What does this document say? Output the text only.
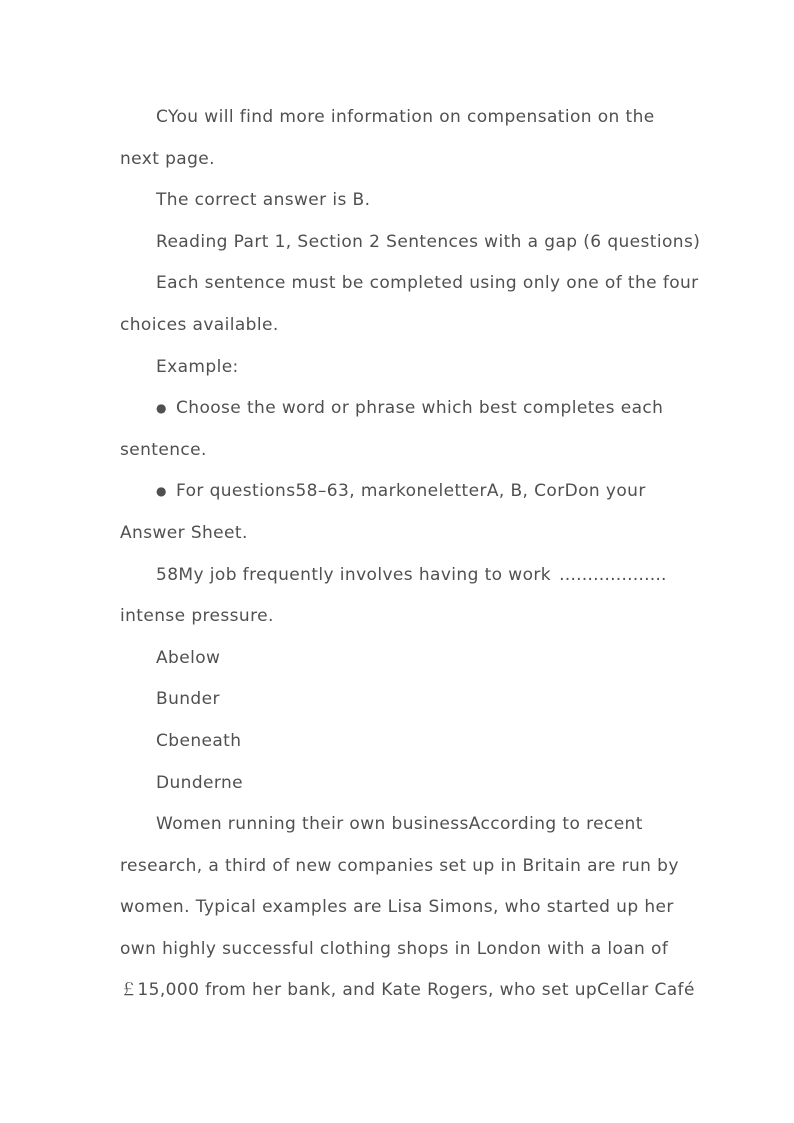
CYou will find more information on compensation on the
next page.
The correct answer is B.
Reading Part 1, Section 2 Sentences with a gap (6 questions)
Each sentence must be completed using only one of the four
choices available.
Example:
● Choose the word or phrase which best completes each
sentence.
● For questions58–63, markoneletterA, B, CorDon your
Answer Sheet.
58My job frequently involves having to work ……………….
intense pressure.
Abelow
Bunder
Cbeneath
Dunderne
Women running their own businessAccording to recent
research, a third of new companies set up in Britain are run by
women. Typical examples are Lisa Simons, who started up her
own highly successful clothing shops in London with a loan of
￡15,000 from her bank, and Kate Rogers, who set upCellar Café
